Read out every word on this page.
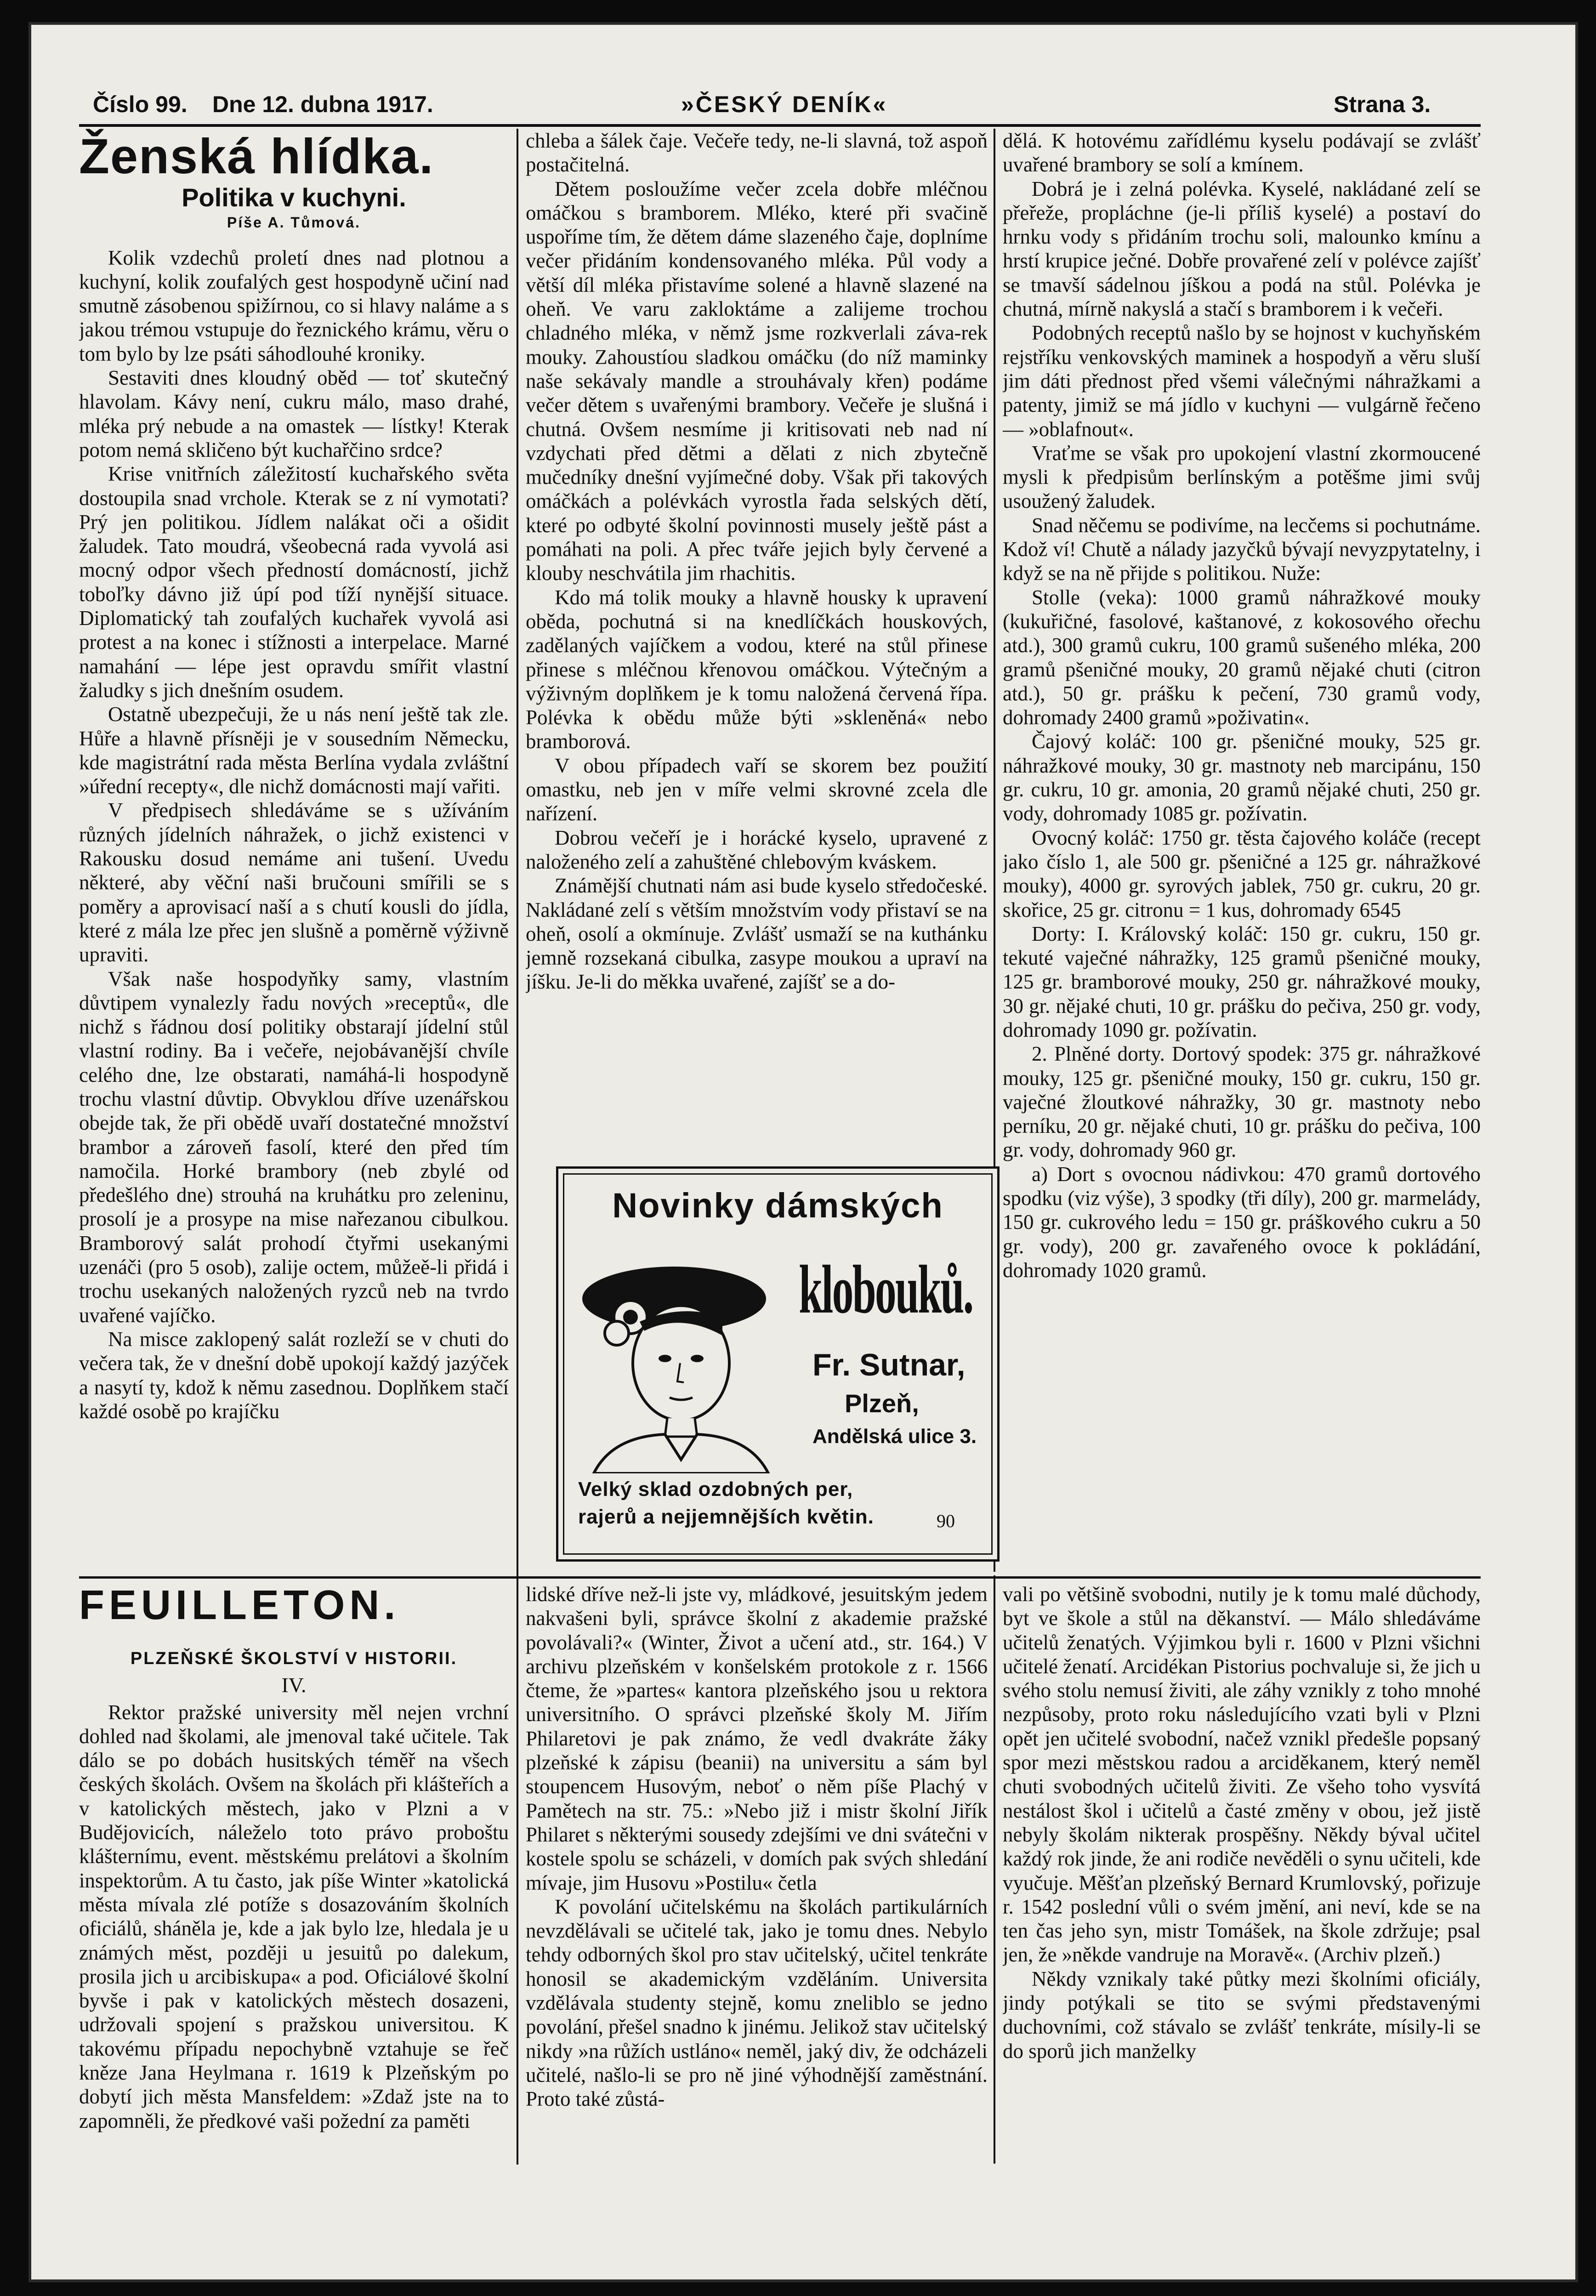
Číslo 99. Dne 12. dubna 1917.	»ČESKÝ DENÍK«	Strana 3.
Ženská hlídka.
Politika v kuchyni.
Píše A. Tůmová.

Kolik vzdechů proletí dnes nad plotnou a kuchyní, kolik zoufalých gest hospodyně učiní nad smutně zásobenou spižírnou, co si hlavy naláme a s jakou trémou vstupuje do řeznického krámu, věru o tom bylo by lze psáti sáhodlouhé kroniky.

Sestaviti dnes kloudný oběd — toť skutečný hlavolam. Kávy není, cukru málo, maso drahé, mléka prý nebude a na omastek — lístky! Kterak potom nemá skličeno být kuchařčino srdce?

Krise vnitřních záležitostí kuchařského světa dostoupila snad vrchole. Kterak se z ní vymotati? Prý jen politikou. Jídlem nalákat oči a ošidit žaludek. Tato moudrá, všeobecná rada vyvolá asi mocný odpor všech předností domácností, jichž toboľky dávno již úpí pod tíží nynější situace. Diplomatický tah zoufalých kuchařek vyvolá asi protest a na konec i stížnosti a interpelace. Marné namahání — lépe jest opravdu smířit vlastní žaludky s jich dnešním osudem.

Ostatně ubezpečuji, že u nás není ještě tak zle. Hůře a hlavně přísněji je v sousedním Německu, kde magistrátní rada města Berlína vydala zvláštní »úřední recepty«, dle nichž domácnosti mají vařiti.

V předpisech shledáváme se s užíváním různých jídelních náhražek, o jichž existenci v Rakousku dosud nemáme ani tušení. Uvedu některé, aby věční naši bručouni smířili se s poměry a aprovisací naší a s chutí kousli do jídla, které z mála lze přec jen slušně a poměrně výživně upraviti.

Však naše hospodyňky samy, vlastním důvtipem vynalezly řadu nových »receptů«, dle nichž s řádnou dosí politiky obstarají jídelní stůl vlastní rodiny. Ba i večeře, nejobávanější chvíle celého dne, lze obstarati, namáhá-li hospodyně trochu vlastní důvtip. Obvyklou dříve uzenářskou obejde tak, že při obědě uvaří dostatečné množství brambor a zároveň fasolí, které den před tím namočila. Horké brambory (neb zbylé od předešlého dne) strouhá na kruhátku pro zeleninu, prosolí je a prosype na mise nařezanou cibulkou. Bramborový salát prohodí čtyřmi usekanými uzenáči (pro 5 osob), zalije octem, můžeě-li přidá i trochu usekaných naložených ryzců neb na tvrdo uvařené vajíčko.

Na misce zaklopený salát rozleží se v chuti do večera tak, že v dnešní době upokojí každý jazýček a nasytí ty, kdož k němu zasednou. Doplňkem stačí každé osobě po krajíčku

chleba a šálek čaje. Večeře tedy, ne-li slavná, tož aspoň postačitelná.

Dětem posloužíme večer zcela dobře mléčnou omáčkou s bramborem. Mléko, které při svačině uspoříme tím, že dětem dáme slazeného čaje, doplníme večer přidáním kondensovaného mléka. Půl vody a větší díl mléka přistavíme solené a hlavně slazené na oheň. Ve varu zakloktáme a zalijeme trochou chladného mléka, v němž jsme rozkverlali záva-rek mouky. Zahoustíou sladkou omáčku (do níž maminky naše sekávaly mandle a strouhávaly křen) podáme večer dětem s uvařenými brambory. Večeře je slušná i chutná. Ovšem nesmíme ji kritisovati neb nad ní vzdychati před dětmi a dělati z nich zbytečně mučedníky dnešní vyjímečné doby. Však při takových omáčkách a polévkách vyrostla řada selských dětí, které po odbyté školní povinnosti musely ještě pást a pomáhati na poli. A přec tváře jejich byly červené a klouby neschvátila jim rhachitis.

Kdo má tolik mouky a hlavně housky k upravení oběda, pochutná si na knedlíčkách houskových, zadělaných vajíčkem a vodou, které na stůl přinese přinese s mléčnou křenovou omáčkou. Výtečným a výživným doplňkem je k tomu naložená červená řípa. Polévka k obědu může býti »skleněná« nebo bramborová.

V obou případech vaří se skorem bez použití omastku, neb jen v míře velmi skrovné zcela dle nařízení.

Dobrou večeří je i horácké kyselo, upravené z naloženého zelí a zahuštěné chlebovým kváskem.

Známější chutnati nám asi bude kyselo středočeské. Nakládané zelí s větším množstvím vody přistaví se na oheň, osolí a okmínuje. Zvlášť usmaží se na kuthánku jemně rozsekaná cibulka, zasype moukou a upraví na jíšku. Je-li do měkka uvařené, zajíšť se a do-

Novinky dámských
klobouků.
Fr. Sutnar,
Plzeň,
Andělská ulice 3.
Velký sklad ozdobných per,
rajerů a nejjemnějších květin.	90

dělá. K hotovému zařídlému kyselu podávají se zvlášť uvařené brambory se solí a kmínem.

Dobrá je i zelná polévka. Kyselé, nakládané zelí se přeřeže, propláchne (je-li příliš kyselé) a postaví do hrnku vody s přidáním trochu soli, malounko kmínu a hrstí krupice ječné. Dobře provařené zelí v polévce zajíšť se tmavší sádelnou jíškou a podá na stůl. Polévka je chutná, mírně nakyslá a stačí s bramborem i k večeři.

Podobných receptů našlo by se hojnost v kuchyňském rejstříku venkovských maminek a hospodyň a věru sluší jim dáti přednost před všemi válečnými náhražkami a patenty, jimiž se má jídlo v kuchyni — vulgárně řečeno — »oblafnout«.

Vraťme se však pro upokojení vlastní zkormoucené mysli k předpisům berlínským a potěšme jimi svůj usoužený žaludek.

Snad něčemu se podivíme, na lecčems si pochutnáme. Kdož ví! Chutě a nálady jazyčků bývají nevyzpytatelny, i když se na ně přijde s politikou. Nuže:

Stolle (veka): 1000 gramů náhražkové mouky (kukuřičné, fasolové, kaštanové, z kokosového ořechu atd.), 300 gramů cukru, 100 gramů sušeného mléka, 200 gramů pšeničné mouky, 20 gramů nějaké chuti (citron atd.), 50 gr. prášku k pečení, 730 gramů vody, dohromady 2400 gramů »poživatin«.

Čajový koláč: 100 gr. pšeničné mouky, 525 gr. náhražkové mouky, 30 gr. mastnoty neb marcipánu, 150 gr. cukru, 10 gr. amonia, 20 gramů nějaké chuti, 250 gr. vody, dohromady 1085 gr. požívatin.

Ovocný koláč: 1750 gr. těsta čajového koláče (recept jako číslo 1, ale 500 gr. pšeničné a 125 gr. náhražkové mouky), 4000 gr. syrových jablek, 750 gr. cukru, 20 gr. skořice, 25 gr. citronu = 1 kus, dohromady 6545

Dorty: I. Královský koláč: 150 gr. cukru, 150 gr. tekuté vaječné náhražky, 125 gramů pšeničné mouky, 125 gr. bramborové mouky, 250 gr. náhražkové mouky, 30 gr. nějaké chuti, 10 gr. prášku do pečiva, 250 gr. vody, dohromady 1090 gr. požívatin.

2. Plněné dorty. Dortový spodek: 375 gr. náhražkové mouky, 125 gr. pšeničné mouky, 150 gr. cukru, 150 gr. vaječné žloutkové náhražky, 30 gr. mastnoty nebo perníku, 20 gr. nějaké chuti, 10 gr. prášku do pečiva, 100 gr. vody, dohromady 960 gr.

a) Dort s ovocnou nádivkou: 470 gramů dortového spodku (viz výše), 3 spodky (tři díly), 200 gr. marmelády, 150 gr. cukrového ledu = 150 gr. práškového cukru a 50 gr. vody), 200 gr. zavařeného ovoce k pokládání, dohromady 1020 gramů.

FEUILLETON.
PLZEŇSKÉ ŠKOLSTVÍ V HISTORII.
IV.

Rektor pražské university měl nejen vrchní dohled nad školami, ale jmenoval také učitele. Tak dálo se po dobách husitských téměř na všech českých školách. Ovšem na školách při klášteřích a v katolických městech, jako v Plzni a v Budějovicích, náleželo toto právo proboštu klášternímu, event. městskému prelátovi a školním inspektorům. A tu často, jak píše Winter »katolická města mívala zlé potíže s dosazováním školních oficiálů, sháněla je, kde a jak bylo lze, hledala je u známých měst, později u jesuitů po dalekum, prosila jich u arcibiskupa« a pod. Oficiálové školní byvše i pak v katolických městech dosazeni, udržovali spojení s pražskou universitou. K takovému případu nepochybně vztahuje se řeč kněze Jana Heylmana r. 1619 k Plzeňským po dobytí jich města Mansfeldem: »Zdaž jste na to zapomněli, že předkové vaši požední za paměti

lidské dříve než-li jste vy, mládkové, jesuitským jedem nakvašeni byli, správce školní z akademie pražské povolávali?« (Winter, Život a učení atd., str. 164.) V archivu plzeňském v konšelském protokole z r. 1566 čteme, že »partes« kantora plzeňského jsou u rektora universitního. O správci plzeňské školy M. Jiřím Philaretovi je pak známo, že vedl dvakráte žáky plzeňské k zápisu (beanii) na universitu a sám byl stoupencem Husovým, neboť o něm píše Plachý v Pamětech na str. 75.: »Nebo již i mistr školní Jiřík Philaret s některými sousedy zdejšími ve dni svátečni v kostele spolu se scházeli, v domích pak svých shledání mívaje, jim Husovu »Postilu« četla

K povolání učitelskému na školách partikulárních nevzdělávali se učitelé tak, jako je tomu dnes. Nebylo tehdy odborných škol pro stav učitelský, učitel tenkráte honosil se akademickým vzděláním. Universita vzdělávala studenty stejně, komu zneliblo se jedno povolání, přešel snadno k jinému. Jelikož stav učitelský nikdy »na růžích ustláno« neměl, jaký div, že odcházeli učitelé, našlo-li se pro ně jiné výhodnější zaměstnání. Proto také zůstá-

vali po většině svobodni, nutily je k tomu malé důchody, byt ve škole a stůl na děkanství. — Málo shledáváme učitelů ženatých. Výjimkou byli r. 1600 v Plzni všichni učitelé ženatí. Arcidékan Pistorius pochvaluje si, že jich u svého stolu nemusí živiti, ale záhy vznikly z toho mnohé nezpůsoby, proto roku následujícího vzati byli v Plzni opět jen učitelé svobodní, načež vznikl předešle popsaný spor mezi městskou radou a arciděkanem, který neměl chuti svobodných učitelů živiti. Ze všeho toho vysvítá nestálost škol i učitelů a časté změny v obou, jež jistě nebyly školám nikterak prospěšny. Někdy býval učitel každý rok jinde, že ani rodiče nevěděli o synu učiteli, kde vyučuje. Měšťan plzeňský Bernard Krumlovský, pořizuje r. 1542 poslední vůli o svém jmění, ani neví, kde se na ten čas jeho syn, mistr Tomášek, na škole zdržuje; psal jen, že »někde vandruje na Moravě«. (Archiv plzeň.)

Někdy vznikaly také půtky mezi školními oficiály, jindy potýkali se tito se svými představenými duchovními, což stávalo se zvlášť tenkráte, mísily-li se do sporů jich manželky
